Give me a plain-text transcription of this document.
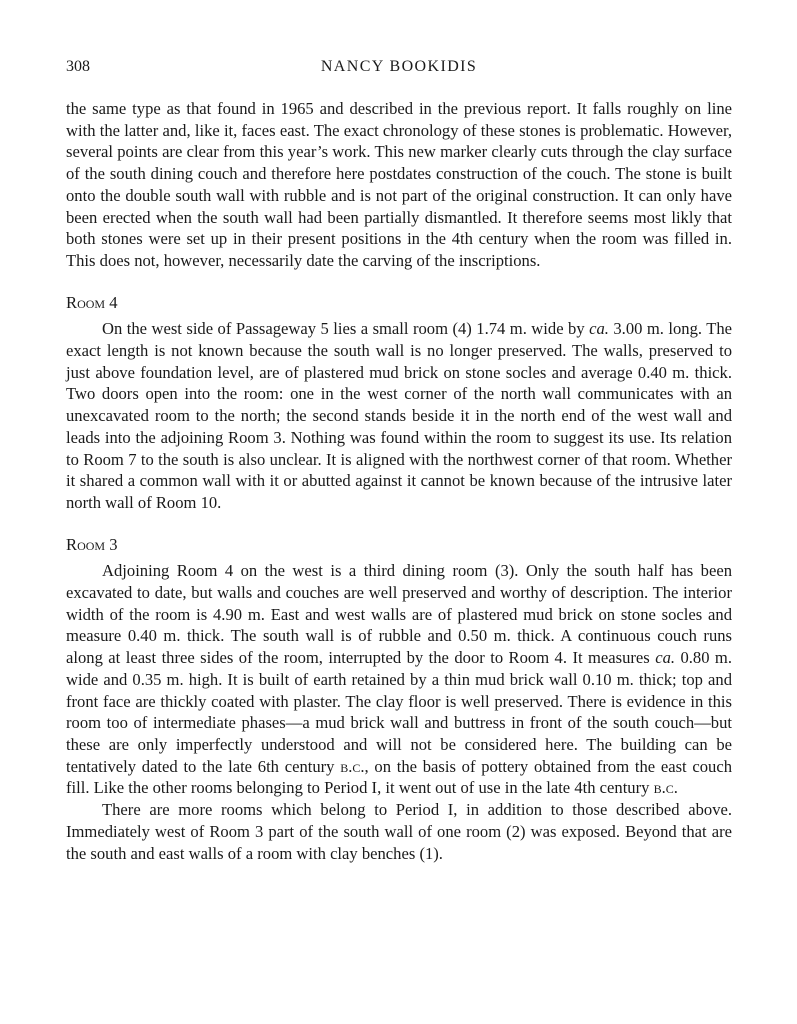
308	NANCY BOOKIDIS

the same type as that found in 1965 and described in the previous report. It falls roughly on line with the latter and, like it, faces east. The exact chronology of these stones is problematic. However, several points are clear from this year’s work. This new marker clearly cuts through the clay surface of the south dining couch and therefore here postdates construction of the couch. The stone is built onto the double south wall with rubble and is not part of the original construction. It can only have been erected when the south wall had been partially dismantled. It therefore seems most likly that both stones were set up in their present positions in the 4th century when the room was filled in. This does not, however, necessarily date the carving of the inscriptions.

Room 4

On the west side of Passageway 5 lies a small room (4) 1.74 m. wide by ca. 3.00 m. long. The exact length is not known because the south wall is no longer preserved. The walls, preserved to just above foundation level, are of plastered mud brick on stone socles and average 0.40 m. thick. Two doors open into the room: one in the west corner of the north wall communicates with an unexcavated room to the north; the second stands beside it in the north end of the west wall and leads into the adjoining Room 3. Nothing was found within the room to suggest its use. Its relation to Room 7 to the south is also unclear. It is aligned with the northwest corner of that room. Whether it shared a common wall with it or abutted against it cannot be known because of the intrusive later north wall of Room 10.

Room 3

Adjoining Room 4 on the west is a third dining room (3). Only the south half has been excavated to date, but walls and couches are well preserved and worthy of description. The interior width of the room is 4.90 m. East and west walls are of plastered mud brick on stone socles and measure 0.40 m. thick. The south wall is of rubble and 0.50 m. thick. A continuous couch runs along at least three sides of the room, interrupted by the door to Room 4. It measures ca. 0.80 m. wide and 0.35 m. high. It is built of earth retained by a thin mud brick wall 0.10 m. thick; top and front face are thickly coated with plaster. The clay floor is well preserved. There is evidence in this room too of intermediate phases—a mud brick wall and buttress in front of the south couch—but these are only imperfectly understood and will not be considered here. The building can be tentatively dated to the late 6th century b.c., on the basis of pottery obtained from the east couch fill. Like the other rooms belonging to Period I, it went out of use in the late 4th century b.c.

There are more rooms which belong to Period I, in addition to those described above. Immediately west of Room 3 part of the south wall of one room (2) was exposed. Beyond that are the south and east walls of a room with clay benches (1).
